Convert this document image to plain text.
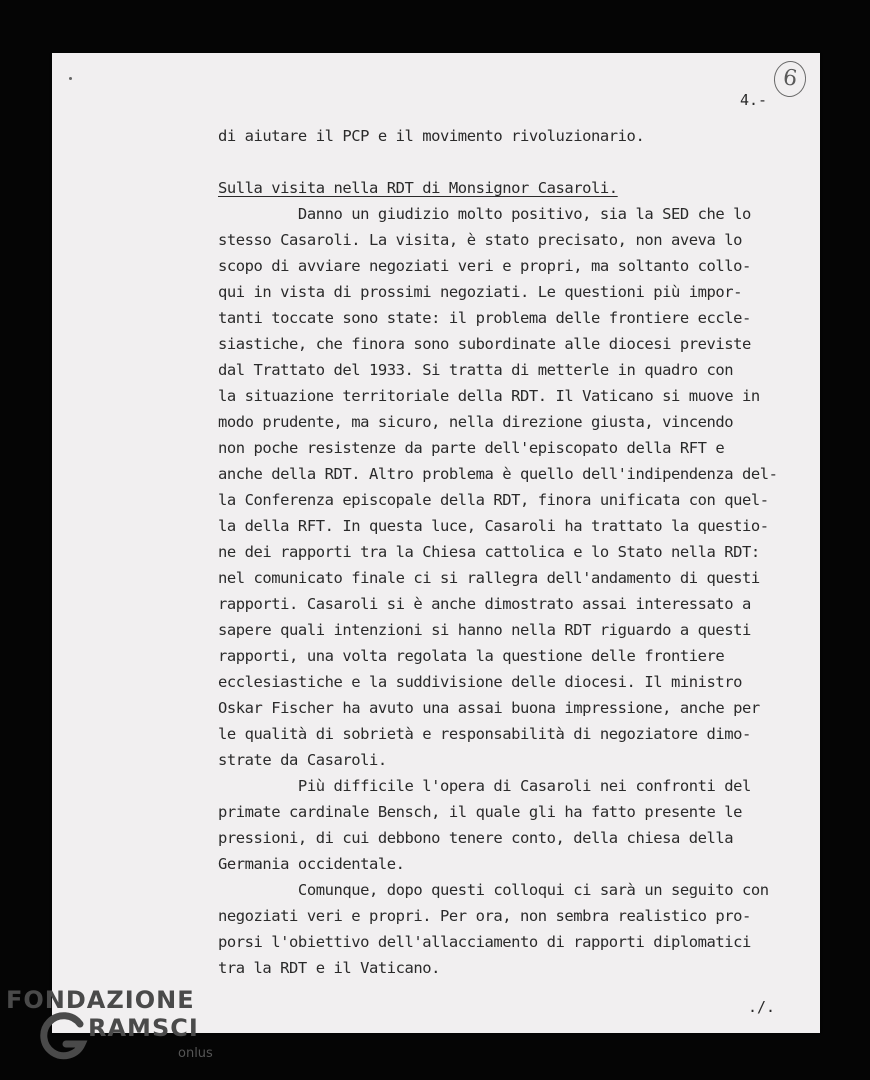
6
4.-
di aiutare il PCP e il movimento rivoluzionario.
Sulla visita nella RDT di Monsignor Casaroli.
Danno un giudizio molto positivo, sia la SED che lo
stesso Casaroli. La visita, è stato precisato, non aveva lo
scopo di avviare negoziati veri e propri, ma soltanto collo-
qui in vista di prossimi negoziati. Le questioni più impor-
tanti toccate sono state: il problema delle frontiere eccle-
siastiche, che finora sono subordinate alle diocesi previste
dal Trattato del 1933. Si tratta di metterle in quadro con
la situazione territoriale della RDT. Il Vaticano si muove in
modo prudente, ma sicuro, nella direzione giusta, vincendo
non poche resistenze da parte dell'episcopato della RFT e
anche della RDT. Altro problema è quello dell'indipendenza del-
la Conferenza episcopale della RDT, finora unificata con quel-
la della RFT. In questa luce, Casaroli ha trattato la questio-
ne dei rapporti tra la Chiesa cattolica e lo Stato nella RDT:
nel comunicato finale ci si rallegra dell'andamento di questi
rapporti. Casaroli si è anche dimostrato assai interessato a
sapere quali intenzioni si hanno nella RDT riguardo a questi
rapporti, una volta regolata la questione delle frontiere
ecclesiastiche e la suddivisione delle diocesi. Il ministro
Oskar Fischer ha avuto una assai buona impressione, anche per
le qualità di sobrietà e responsabilità di negoziatore dimo-
strate da Casaroli.
Più difficile l'opera di Casaroli nei confronti del
primate cardinale Bensch, il quale gli ha fatto presente le
pressioni, di cui debbono tenere conto, della chiesa della
Germania occidentale.
Comunque, dopo questi colloqui ci sarà un seguito con
negoziati veri e propri. Per ora, non sembra realistico pro-
porsi l'obiettivo dell'allacciamento di rapporti diplomatici
tra la RDT e il Vaticano.
./.
FONDAZIONE
RAMSCI
onlus
